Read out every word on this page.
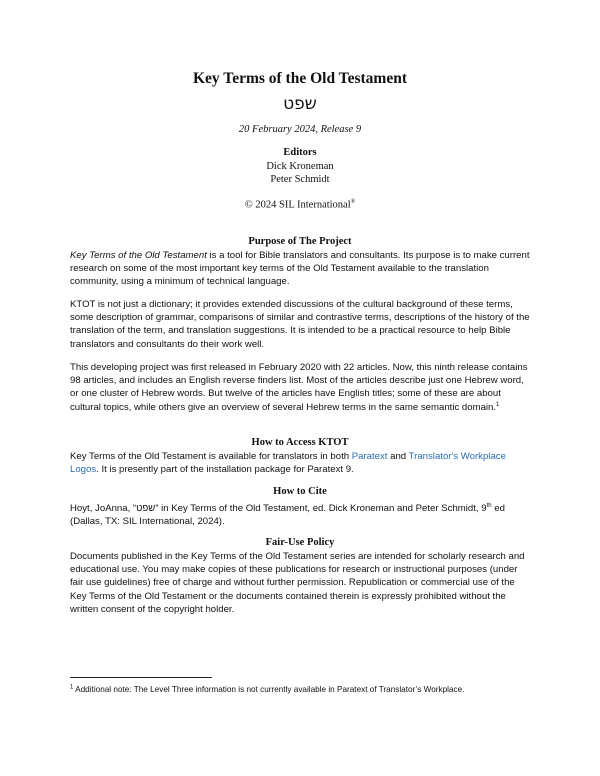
Key Terms of the Old Testament
שפט
20 February 2024, Release 9
Editors
Dick Kroneman
Peter Schmidt
© 2024 SIL International®
Purpose of The Project
Key Terms of the Old Testament is a tool for Bible translators and consultants. Its purpose is to make current research on some of the most important key terms of the Old Testament available to the translation community, using a minimum of technical language.
KTOT is not just a dictionary; it provides extended discussions of the cultural background of these terms, some description of grammar, comparisons of similar and contrastive terms, descriptions of the history of the translation of the term, and translation suggestions. It is intended to be a practical resource to help Bible translators and consultants do their work well.
This developing project was first released in February 2020 with 22 articles. Now, this ninth release contains 98 articles, and includes an English reverse finders list. Most of the articles describe just one Hebrew word, or one cluster of Hebrew words. But twelve of the articles have English titles; some of these are about cultural topics, while others give an overview of several Hebrew terms in the same semantic domain.$^1$
How to Access KTOT
Key Terms of the Old Testament is available for translators in both Paratext and Translator's Workplace Logos. It is presently part of the installation package for Paratext 9.
How to Cite
Hoyt, JoAnna, “שפט” in Key Terms of the Old Testament, ed. Dick Kroneman and Peter Schmidt, 9th ed (Dallas, TX: SIL International, 2024).
Fair-Use Policy
Documents published in the Key Terms of the Old Testament series are intended for scholarly research and educational use. You may make copies of these publications for research or instructional purposes (under fair use guidelines) free of charge and without further permission. Republication or commercial use of the Key Terms of the Old Testament or the documents contained therein is expressly prohibited without the written consent of the copyright holder.
$^1$ Additional note: The Level Three information is not currently available in Paratext of Translator’s Workplace.
